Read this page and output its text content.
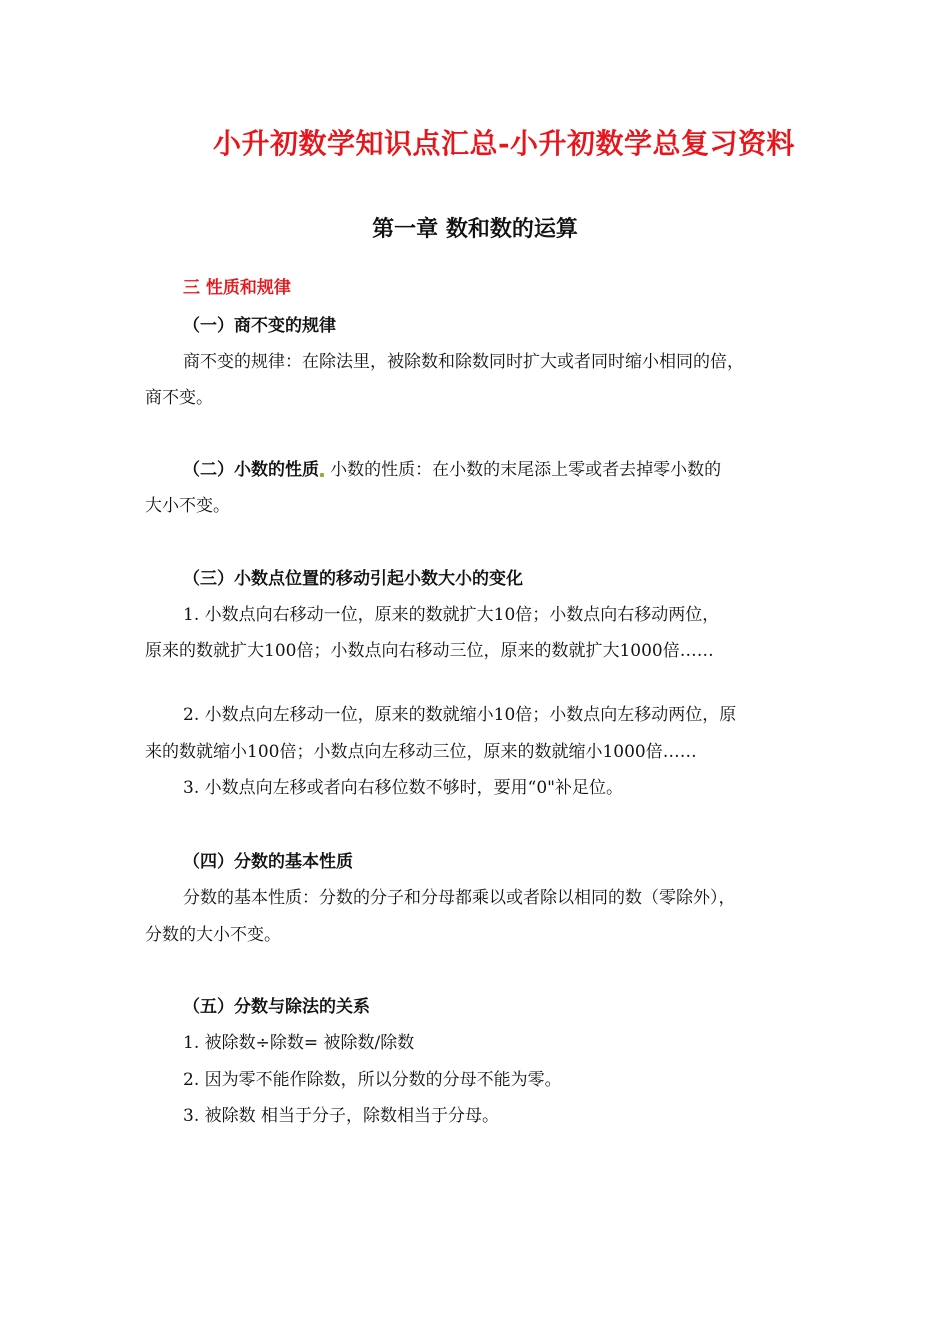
小升初数学知识点汇总-小升初数学总复习资料
第一章 数和数的运算
三 性质和规律
（一）商不变的规律
商不变的规律：在除法里，被除数和除数同时扩大或者同时缩小相同的倍，
商不变。
（二）小数的性质 小数的性质：在小数的末尾添上零或者去掉零小数的
大小不变。
（三）小数点位置的移动引起小数大小的变化
1. 小数点向右移动一位，原来的数就扩大10倍；小数点向右移动两位，
原来的数就扩大100倍；小数点向右移动三位，原来的数就扩大1000倍……
2. 小数点向左移动一位，原来的数就缩小10倍；小数点向左移动两位，原
来的数就缩小100倍；小数点向左移动三位，原来的数就缩小1000倍……
3. 小数点向左移或者向右移位数不够时，要用“0"补足位。
（四）分数的基本性质
分数的基本性质：分数的分子和分母都乘以或者除以相同的数（零除外），
分数的大小不变。
（五）分数与除法的关系
1. 被除数÷除数= 被除数/除数
2. 因为零不能作除数，所以分数的分母不能为零。
3. 被除数 相当于分子，除数相当于分母。
